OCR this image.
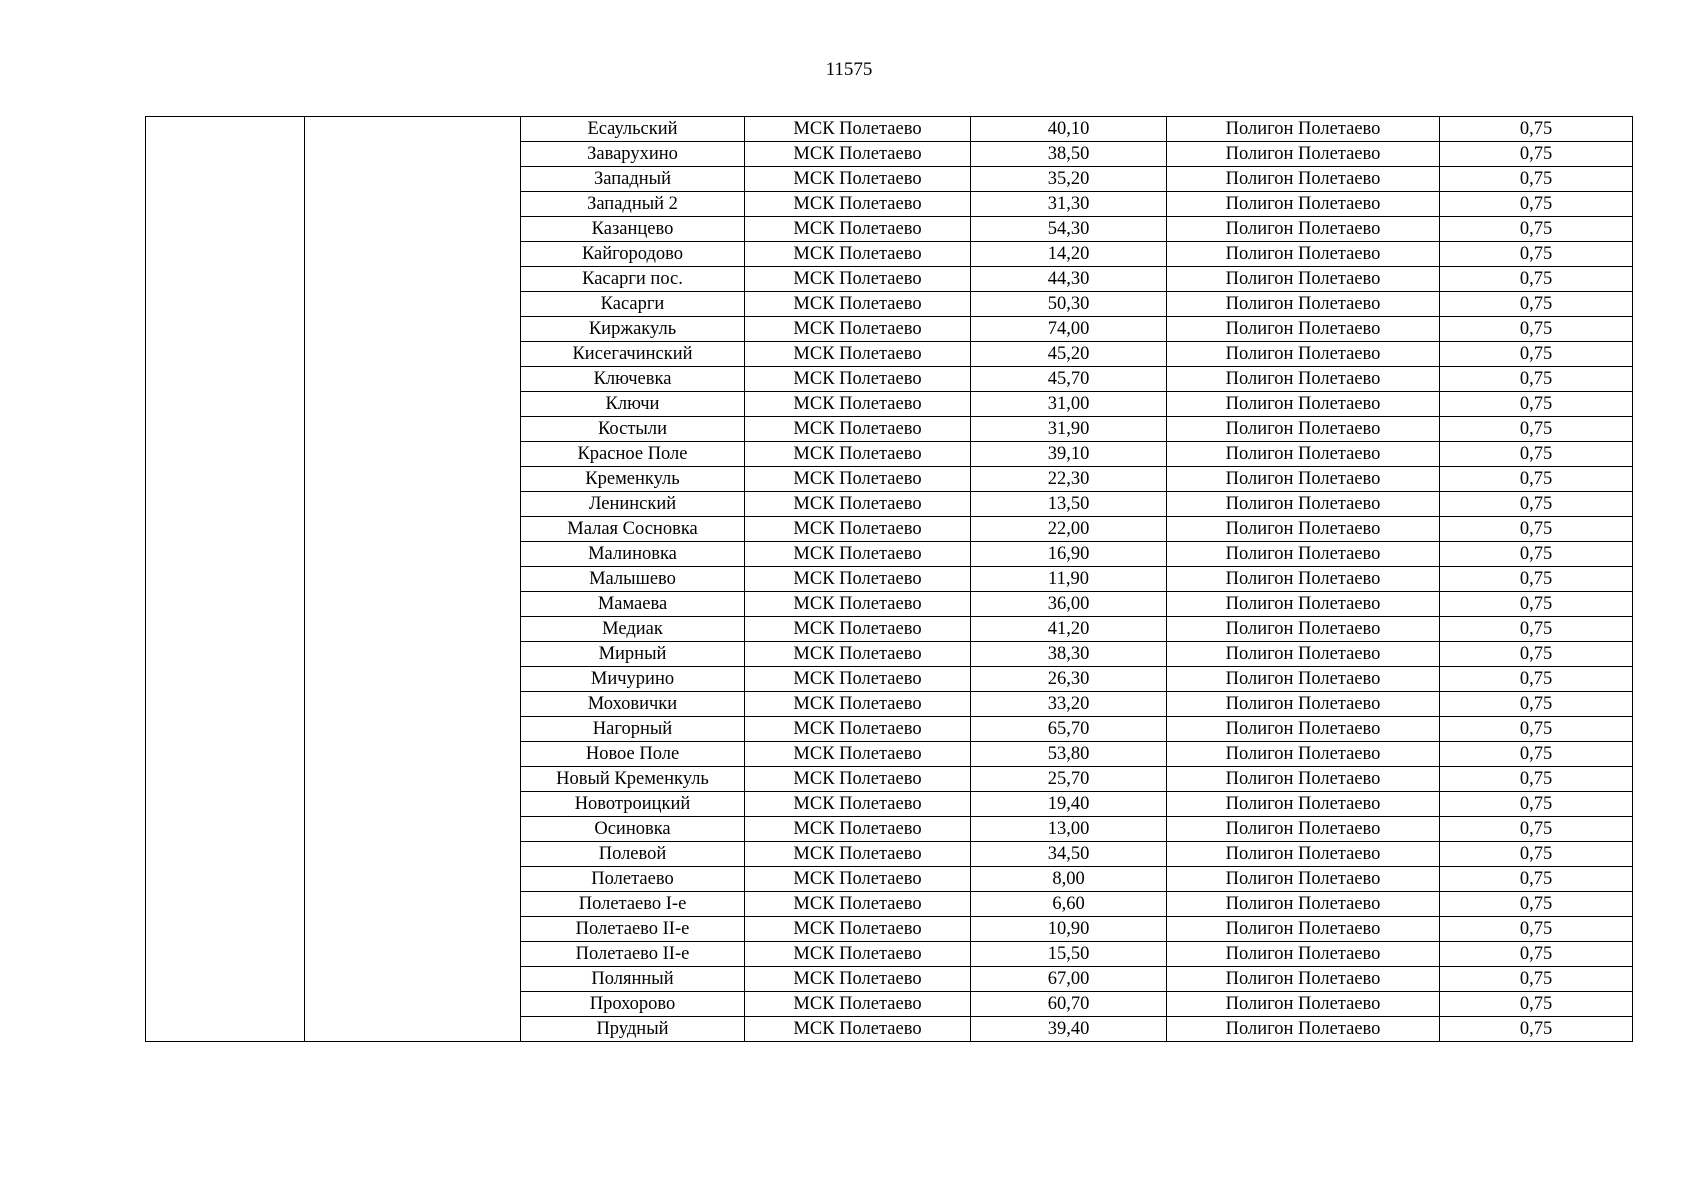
11575
		Есаульский	МСК Полетаево	40,10	Полигон Полетаево	0,75
		Заварухино	МСК Полетаево	38,50	Полигон Полетаево	0,75
		Западный	МСК Полетаево	35,20	Полигон Полетаево	0,75
		Западный 2	МСК Полетаево	31,30	Полигон Полетаево	0,75
		Казанцево	МСК Полетаево	54,30	Полигон Полетаево	0,75
		Кайгородово	МСК Полетаево	14,20	Полигон Полетаево	0,75
		Касарги пос.	МСК Полетаево	44,30	Полигон Полетаево	0,75
		Касарги	МСК Полетаево	50,30	Полигон Полетаево	0,75
		Киржакуль	МСК Полетаево	74,00	Полигон Полетаево	0,75
		Кисегачинский	МСК Полетаево	45,20	Полигон Полетаево	0,75
		Ключевка	МСК Полетаево	45,70	Полигон Полетаево	0,75
		Ключи	МСК Полетаево	31,00	Полигон Полетаево	0,75
		Костыли	МСК Полетаево	31,90	Полигон Полетаево	0,75
		Красное Поле	МСК Полетаево	39,10	Полигон Полетаево	0,75
		Кременкуль	МСК Полетаево	22,30	Полигон Полетаево	0,75
		Ленинский	МСК Полетаево	13,50	Полигон Полетаево	0,75
		Малая Сосновка	МСК Полетаево	22,00	Полигон Полетаево	0,75
		Малиновка	МСК Полетаево	16,90	Полигон Полетаево	0,75
		Малышево	МСК Полетаево	11,90	Полигон Полетаево	0,75
		Мамаева	МСК Полетаево	36,00	Полигон Полетаево	0,75
		Медиак	МСК Полетаево	41,20	Полигон Полетаево	0,75
		Мирный	МСК Полетаево	38,30	Полигон Полетаево	0,75
		Мичурино	МСК Полетаево	26,30	Полигон Полетаево	0,75
		Моховички	МСК Полетаево	33,20	Полигон Полетаево	0,75
		Нагорный	МСК Полетаево	65,70	Полигон Полетаево	0,75
		Новое Поле	МСК Полетаево	53,80	Полигон Полетаево	0,75
		Новый Кременкуль	МСК Полетаево	25,70	Полигон Полетаево	0,75
		Новотроицкий	МСК Полетаево	19,40	Полигон Полетаево	0,75
		Осиновка	МСК Полетаево	13,00	Полигон Полетаево	0,75
		Полевой	МСК Полетаево	34,50	Полигон Полетаево	0,75
		Полетаево	МСК Полетаево	8,00	Полигон Полетаево	0,75
		Полетаево I-е	МСК Полетаево	6,60	Полигон Полетаево	0,75
		Полетаево II-е	МСК Полетаево	10,90	Полигон Полетаево	0,75
		Полетаево II-е	МСК Полетаево	15,50	Полигон Полетаево	0,75
		Полянный	МСК Полетаево	67,00	Полигон Полетаево	0,75
		Прохорово	МСК Полетаево	60,70	Полигон Полетаево	0,75
		Прудный	МСК Полетаево	39,40	Полигон Полетаево	0,75
